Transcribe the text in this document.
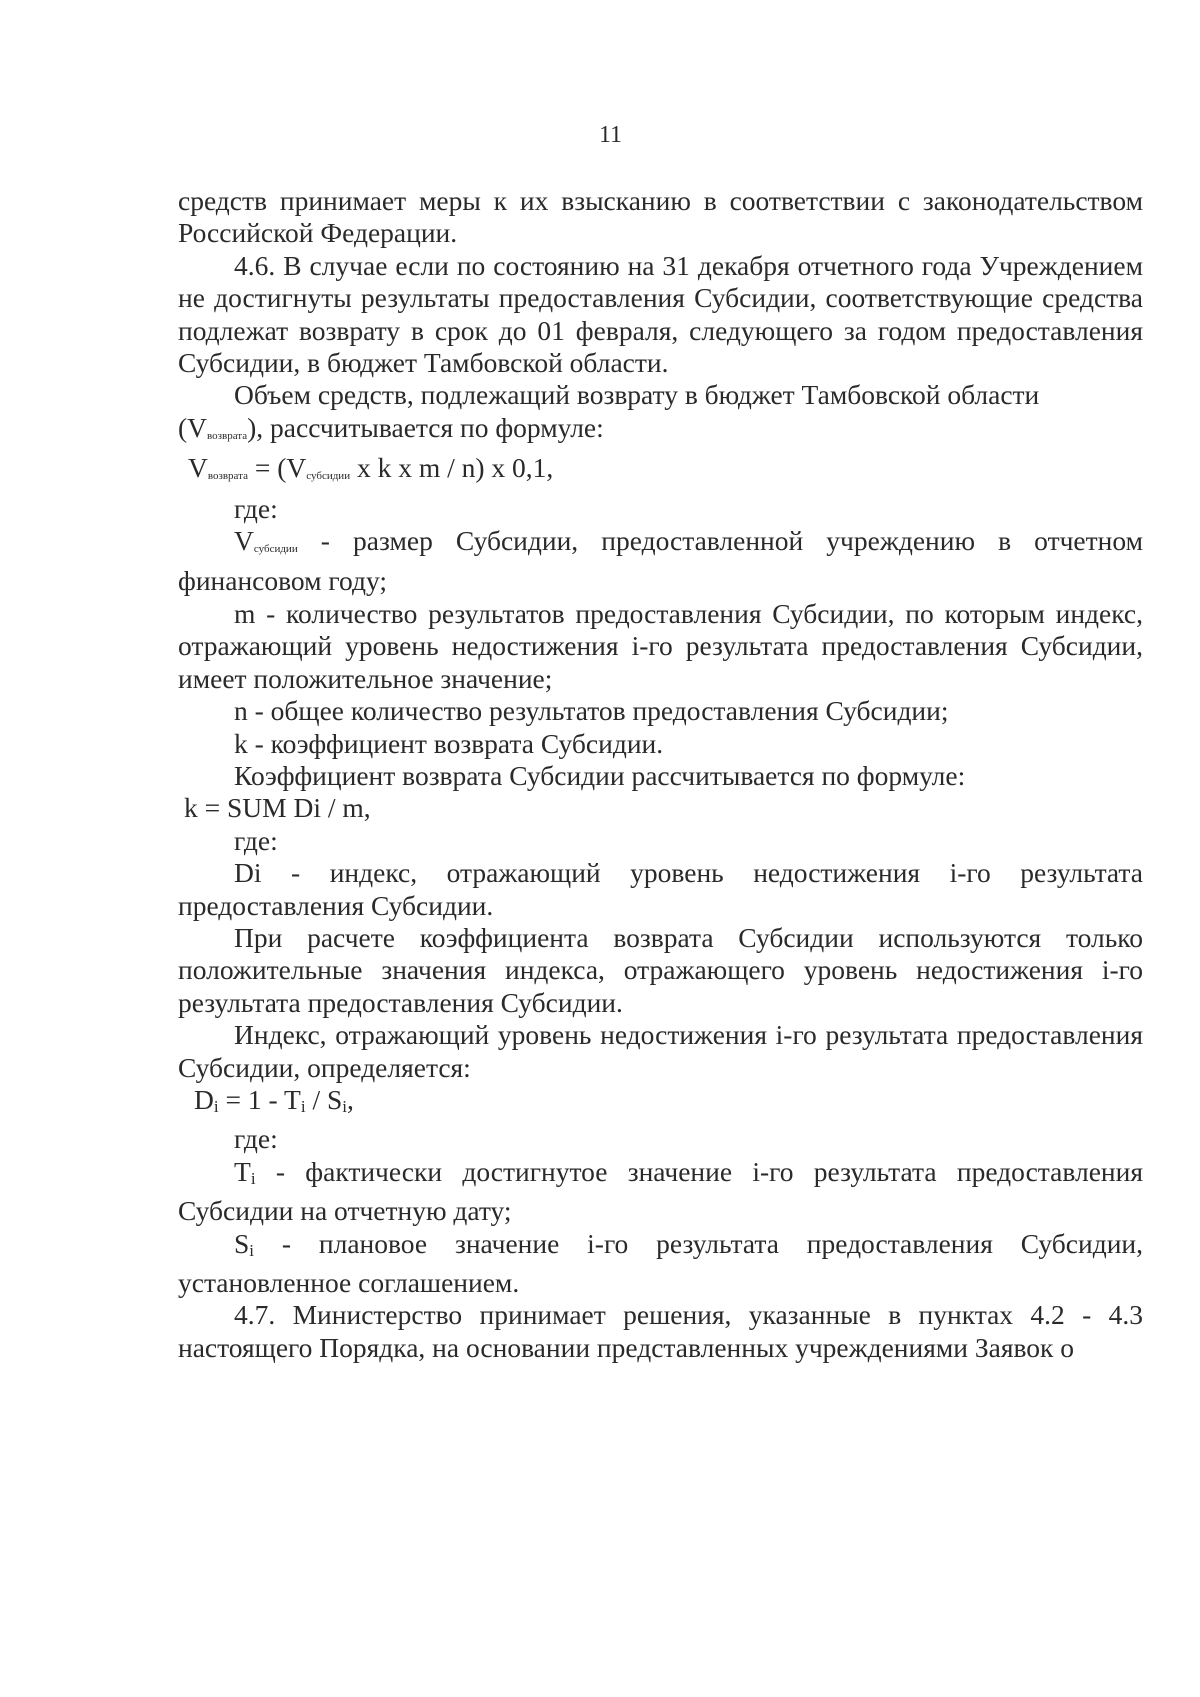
11

средств принимает меры к их взысканию в соответствии с законодательством Российской Федерации.

4.6. В случае если по состоянию на 31 декабря отчетного года Учреждением не достигнуты результаты предоставления Субсидии, соответствующие средства подлежат возврату в срок до 01 февраля, следующего за годом предоставления Субсидии, в бюджет Тамбовской области.

Объем средств, подлежащий возврату в бюджет Тамбовской области

(Vвозврата), рассчитывается по формуле:

Vвозврата = (Vсубсидии x k x m / n) x 0,1,

где:

Vсубсидии - размер Субсидии, предоставленной учреждению в отчетном финансовом году;

m - количество результатов предоставления Субсидии, по которым индекс, отражающий уровень недостижения i-го результата предоставления Субсидии, имеет положительное значение;

n - общее количество результатов предоставления Субсидии;

k - коэффициент возврата Субсидии.

Коэффициент возврата Субсидии рассчитывается по формуле:

k = SUM Di / m,

где:

Di - индекс, отражающий уровень недостижения i-го результата предоставления Субсидии.

При расчете коэффициента возврата Субсидии используются только положительные значения индекса, отражающего уровень недостижения i-го результата предоставления Субсидии.

Индекс, отражающий уровень недостижения i-го результата предоставления Субсидии, определяется:

Di = 1 - Ti / Si,

где:

Ti - фактически достигнутое значение i-го результата предоставления Субсидии на отчетную дату;

Si - плановое значение i-го результата предоставления Субсидии, установленное соглашением.

4.7. Министерство принимает решения, указанные в пунктах 4.2 - 4.3 настоящего Порядка, на основании представленных учреждениями Заявок о
